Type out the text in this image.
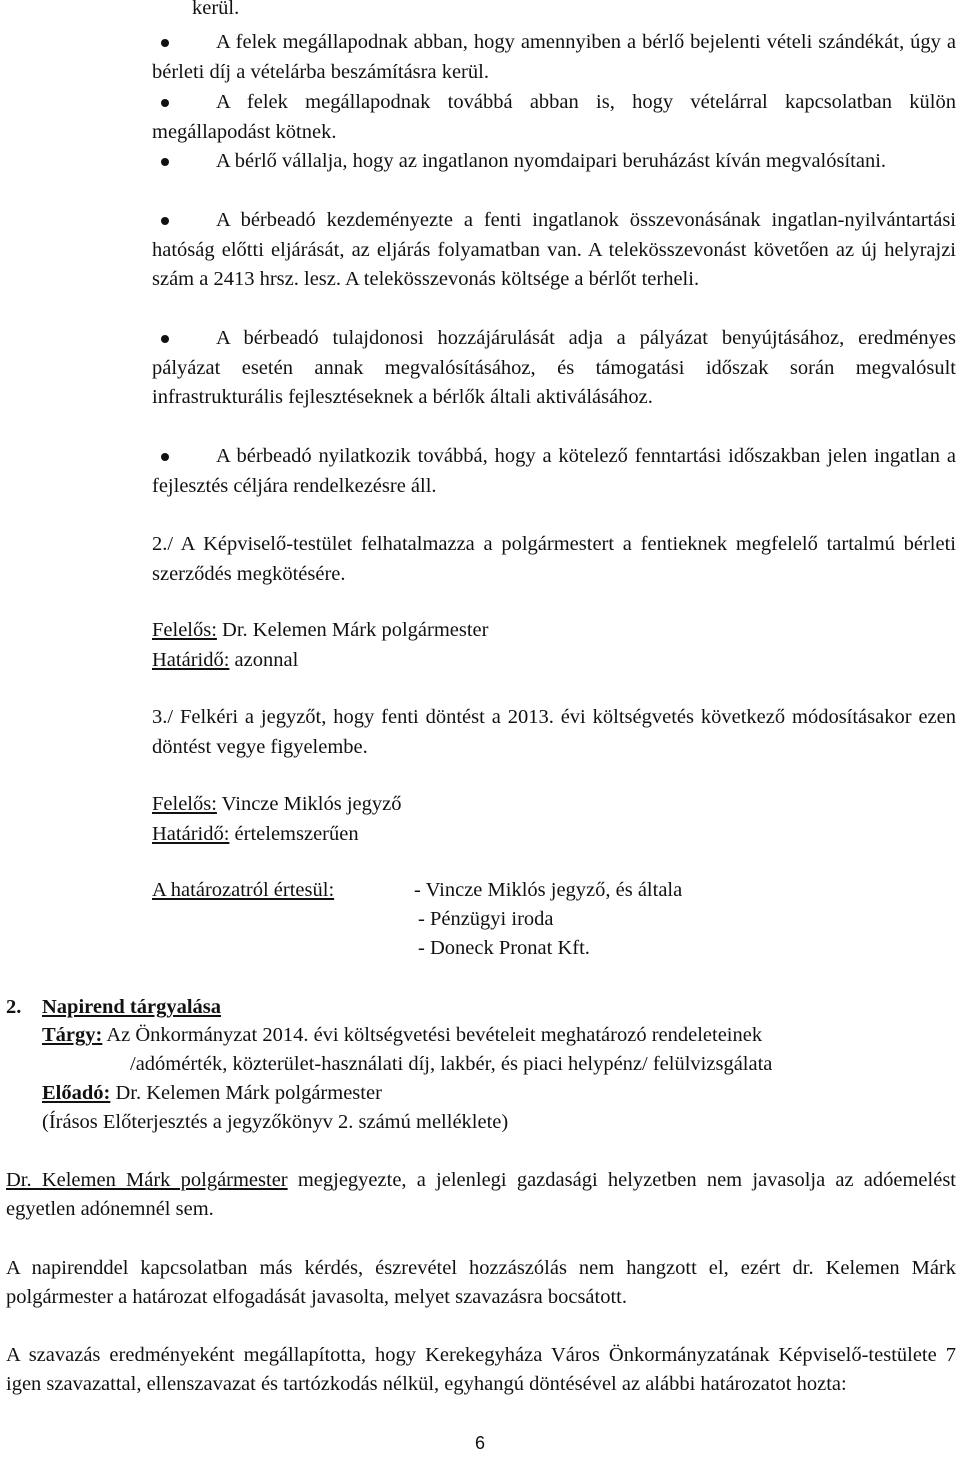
kerül.
A felek megállapodnak abban, hogy amennyiben a bérlő bejelenti vételi szándékát, úgy a bérleti díj a vételárba beszámításra kerül.
A felek megállapodnak továbbá abban is, hogy vételárral kapcsolatban külön megállapodást kötnek.
A bérlő vállalja, hogy az ingatlanon nyomdaipari beruházást kíván megvalósítani.
A bérbeadó kezdeményezte a fenti ingatlanok összevonásának ingatlan-nyilvántartási hatóság előtti eljárását, az eljárás folyamatban van. A telekösszevonást követően az új helyrajzi szám a 2413 hrsz. lesz. A telekösszevonás költsége a bérlőt terheli.
A bérbeadó tulajdonosi hozzájárulását adja a pályázat benyújtásához, eredményes pályázat esetén annak megvalósításához, és támogatási időszak során megvalósult infrastrukturális fejlesztéseknek a bérlők általi aktiválásához.
A bérbeadó nyilatkozik továbbá, hogy a kötelező fenntartási időszakban jelen ingatlan a fejlesztés céljára rendelkezésre áll.
2./ A Képviselő-testület felhatalmazza a polgármestert a fentieknek megfelelő tartalmú bérleti szerződés megkötésére.
Felelős: Dr. Kelemen Márk polgármester
Határidő: azonnal
3./ Felkéri a jegyzőt, hogy fenti döntést a 2013. évi költségvetés következő módosításakor ezen döntést vegye figyelembe.
Felelős: Vincze Miklós jegyző
Határidő: értelemszerűen
A határozatról értesül:	- Vincze Miklós jegyző, és általa
- Pénzügyi iroda
- Doneck Pronat Kft.
2. Napirend tárgyalása
Tárgy: Az Önkormányzat 2014. évi költségvetési bevételeit meghatározó rendeleteinek
/adómérték, közterület-használati díj, lakbér, és piaci helypénz/ felülvizsgálata
Előadó: Dr. Kelemen Márk polgármester
(Írásos Előterjesztés a jegyzőkönyv 2. számú melléklete)
Dr. Kelemen Márk polgármester megjegyezte, a jelenlegi gazdasági helyzetben nem javasolja az adóemelést egyetlen adónemnél sem.
A napirenddel kapcsolatban más kérdés, észrevétel hozzászólás nem hangzott el, ezért dr. Kelemen Márk polgármester a határozat elfogadását javasolta, melyet szavazásra bocsátott.
A szavazás eredményeként megállapította, hogy Kerekegyháza Város Önkormányzatának Képviselő-testülete 7 igen szavazattal, ellenszavazat és tartózkodás nélkül, egyhangú döntésével az alábbi határozatot hozta:
6
